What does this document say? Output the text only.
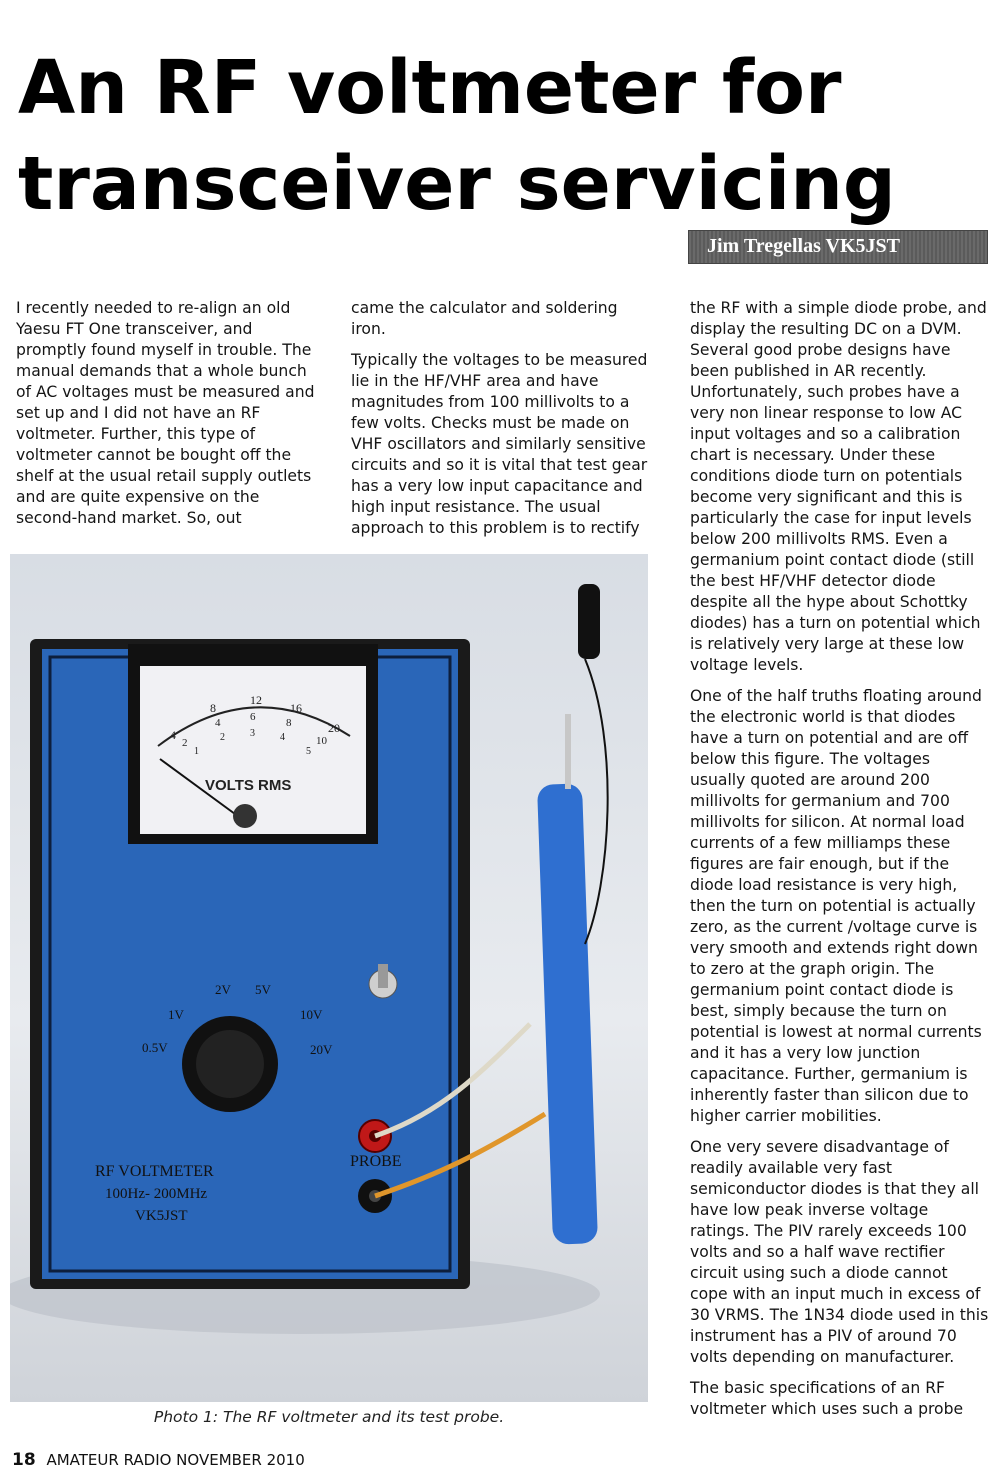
An RF voltmeter for
transceiver servicing
Jim Tregellas VK5JST

I recently needed to re-align an old Yaesu FT One transceiver, and promptly found myself in trouble. The manual demands that a whole bunch of AC voltages must be measured and set up and I did not have an RF voltmeter. Further, this type of voltmeter cannot be bought off the shelf at the usual retail supply outlets and are quite expensive on the second-hand market. So, out

came the calculator and soldering iron.

Typically the voltages to be measured lie in the HF/VHF area and have magnitudes from 100 millivolts to a few volts. Checks must be made on VHF oscillators and similarly sensitive circuits and so it is vital that test gear has a very low input capacitance and high input resistance. The usual approach to this problem is to rectify

the RF with a simple diode probe, and display the resulting DC on a DVM. Several good probe designs have been published in AR recently. Unfortunately, such probes have a very non linear response to low AC input voltages and so a calibration chart is necessary. Under these conditions diode turn on potentials become very significant and this is particularly the case for input levels below 200 millivolts RMS. Even a germanium point contact diode (still the best HF/VHF detector diode despite all the hype about Schottky diodes) has a turn on potential which is relatively very large at these low voltage levels.

One of the half truths floating around the electronic world is that diodes have a turn on potential and are off below this figure. The voltages usually quoted are around 200 millivolts for germanium and 700 millivolts for silicon. At normal load currents of a few milliamps these figures are fair enough, but if the diode load resistance is very high, then the turn on potential is actually zero, as the current /voltage curve is very smooth and extends right down to zero at the graph origin. The germanium point contact diode is best, simply because the turn on potential is lowest at normal currents and it has a very low junction capacitance. Further, germanium is inherently faster than silicon due to higher carrier mobilities.

One very severe disadvantage of readily available very fast semiconductor diodes is that they all have low peak inverse voltage ratings. The PIV rarely exceeds 100 volts and so a half wave rectifier circuit using such a diode cannot cope with an input much in excess of 30 VRMS. The 1N34 diode used in this instrument has a PIV of around 70 volts depending on manufacturer.

The basic specifications of an RF voltmeter which uses such a probe

4
8
12
16
20
2
4	6	8
10
1
2	3	4
5
VOLTS RMS
0.5V
1V
2V 5V
10V
20V
RF VOLTMETER
100Hz- 200MHz
VK5JST
PROBE
Photo 1: The RF voltmeter and its test probe.
18 AMATEUR RADIO NOVEMBER 2010
